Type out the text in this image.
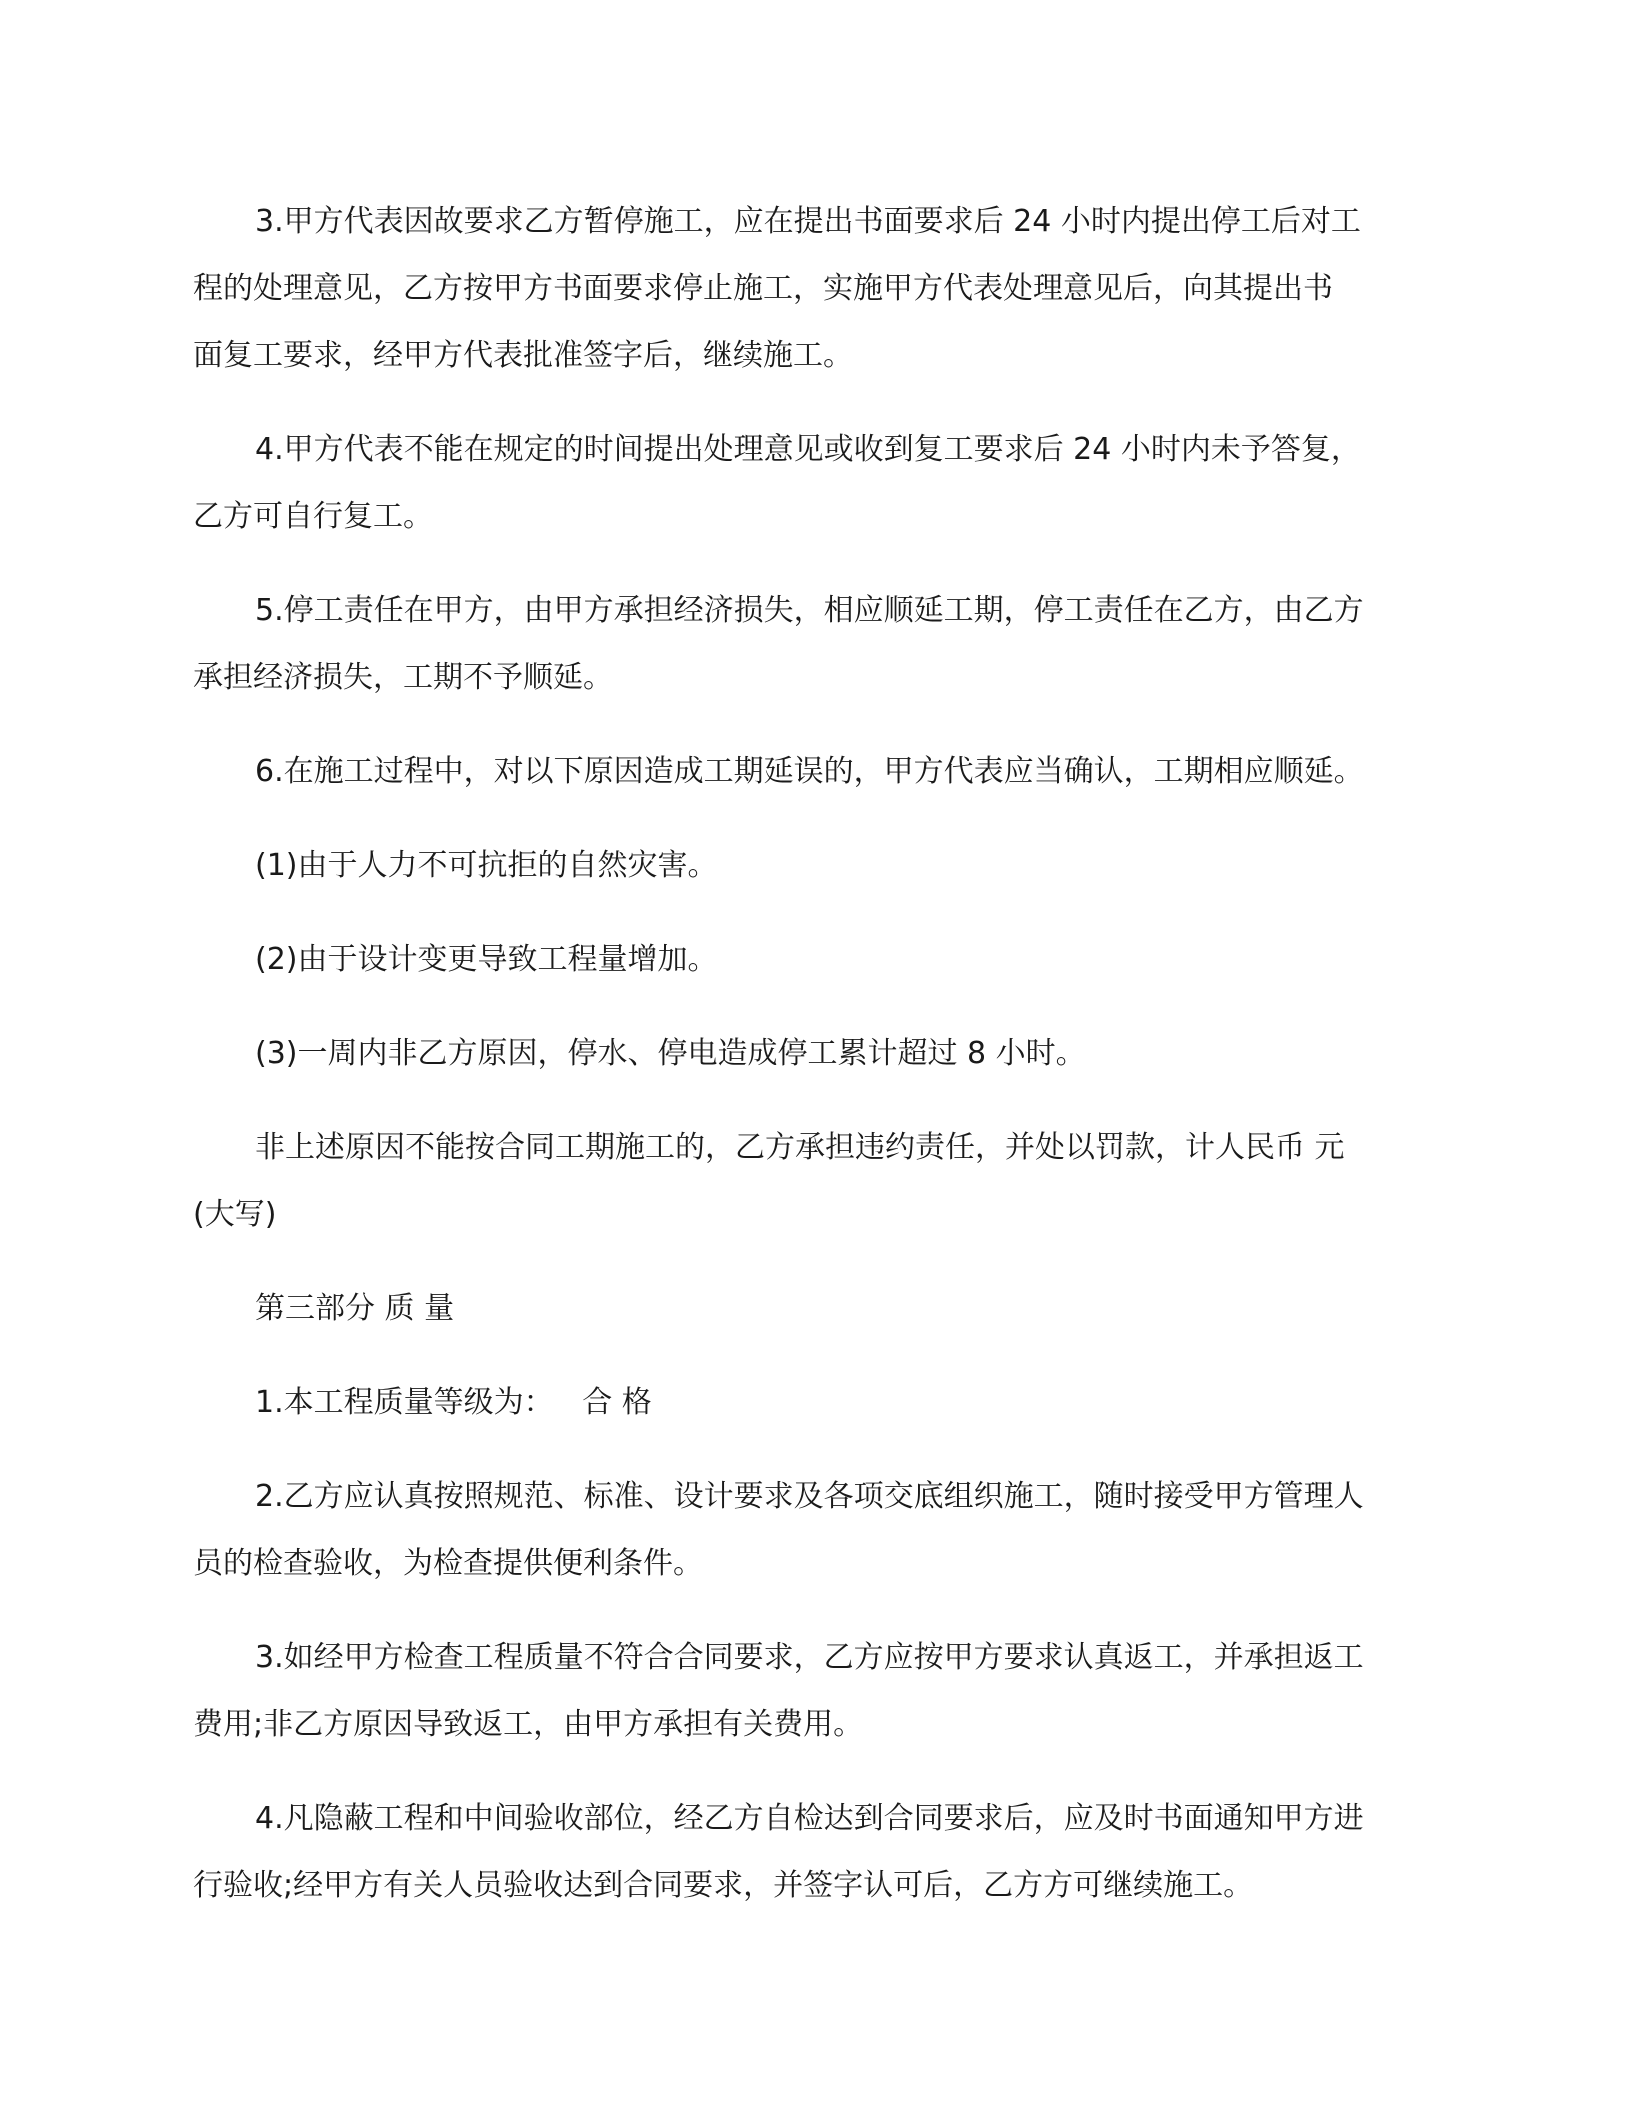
3.甲方代表因故要求乙方暂停施工，应在提出书面要求后 24 小时内提出停工后对工
程的处理意见，乙方按甲方书面要求停止施工，实施甲方代表处理意见后，向其提出书
面复工要求，经甲方代表批准签字后，继续施工。
4.甲方代表不能在规定的时间提出处理意见或收到复工要求后 24 小时内未予答复，
乙方可自行复工。
5.停工责任在甲方，由甲方承担经济损失，相应顺延工期，停工责任在乙方，由乙方
承担经济损失，工期不予顺延。
6.在施工过程中，对以下原因造成工期延误的，甲方代表应当确认，工期相应顺延。
(1)由于人力不可抗拒的自然灾害。
(2)由于设计变更导致工程量增加。
(3)一周内非乙方原因，停水、停电造成停工累计超过 8 小时。
非上述原因不能按合同工期施工的，乙方承担违约责任，并处以罚款，计人民币 元
(大写)
第三部分 质 量
1.本工程质量等级为：   合 格
2.乙方应认真按照规范、标准、设计要求及各项交底组织施工，随时接受甲方管理人
员的检查验收，为检查提供便利条件。
3.如经甲方检查工程质量不符合合同要求，乙方应按甲方要求认真返工，并承担返工
费用;非乙方原因导致返工，由甲方承担有关费用。
4.凡隐蔽工程和中间验收部位，经乙方自检达到合同要求后，应及时书面通知甲方进
行验收;经甲方有关人员验收达到合同要求，并签字认可后，乙方方可继续施工。
